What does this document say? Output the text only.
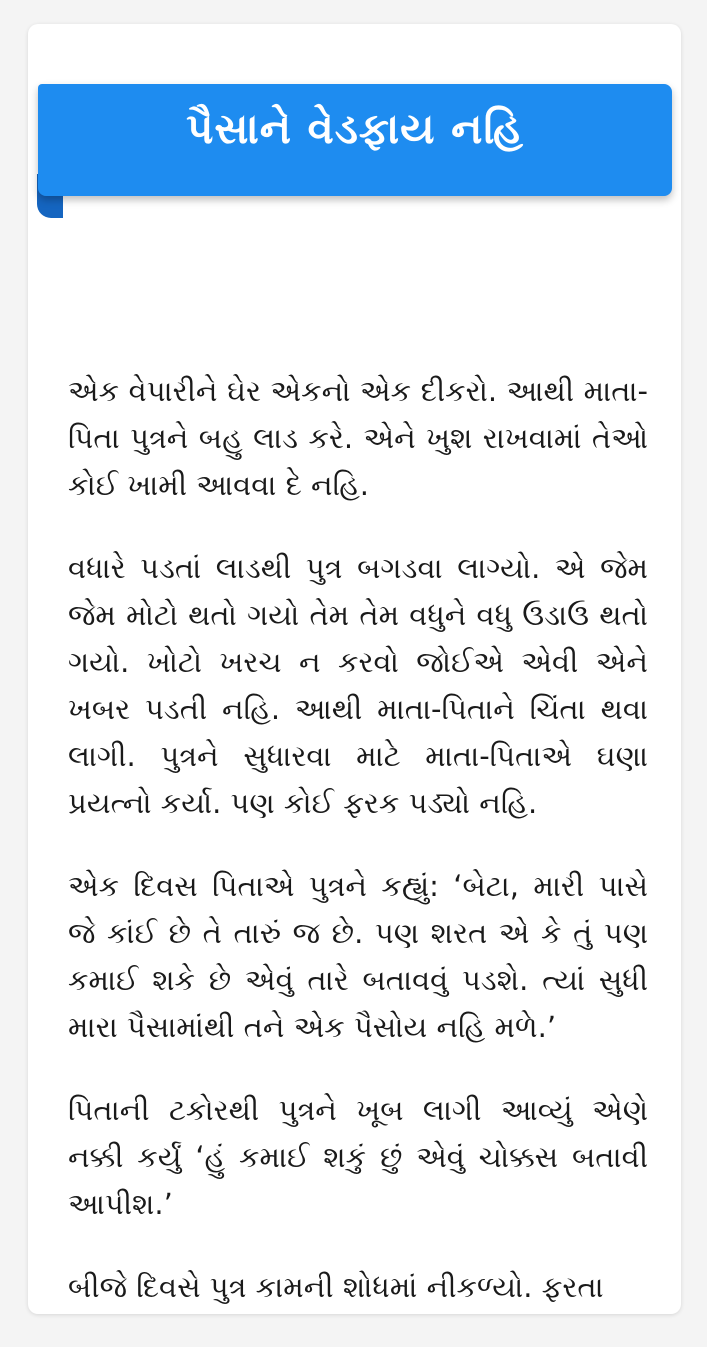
પૈસાને વેડફાય નહિ

એક વેપારીને ઘેર એકનો એક દીકરો. આથી માતા-પિતા પુત્રને બહુ લાડ કરે. એને ખુશ રાખવામાં તેઓ કોઈ ખામી આવવા દે નહિ.

વધારે પડતાં લાડથી પુત્ર બગડવા લાગ્યો. એ જેમ જેમ મોટો થતો ગયો તેમ તેમ વધુને વધુ ઉડાઉ થતો ગયો. ખોટો ખરચ ન કરવો જોઈએ એવી એને ખબર પડતી નહિ. આથી માતા-પિતાને ચિંતા થવા લાગી. પુત્રને સુધારવા માટે માતા-પિતાએ ઘણા પ્રયત્નો કર્યા. પણ કોઈ ફરક પડ્યો નહિ.

એક દિવસ પિતાએ પુત્રને કહ્યું: ‘બેટા, મારી પાસે જે કાંઈ છે તે તારું જ છે. પણ શરત એ કે તું પણ કમાઈ શકે છે એવું તારે બતાવવું પડશે. ત્યાં સુધી મારા પૈસામાંથી તને એક પૈસોય નહિ મળે.’

પિતાની ટકોરથી પુત્રને ખૂબ લાગી આવ્યું એણે નક્કી કર્યું ‘હું કમાઈ શકું છું એવું ચોક્કસ બતાવી આપીશ.’

બીજે દિવસે પુત્ર કામની શોધમાં નીકળ્યો. ફરતા
